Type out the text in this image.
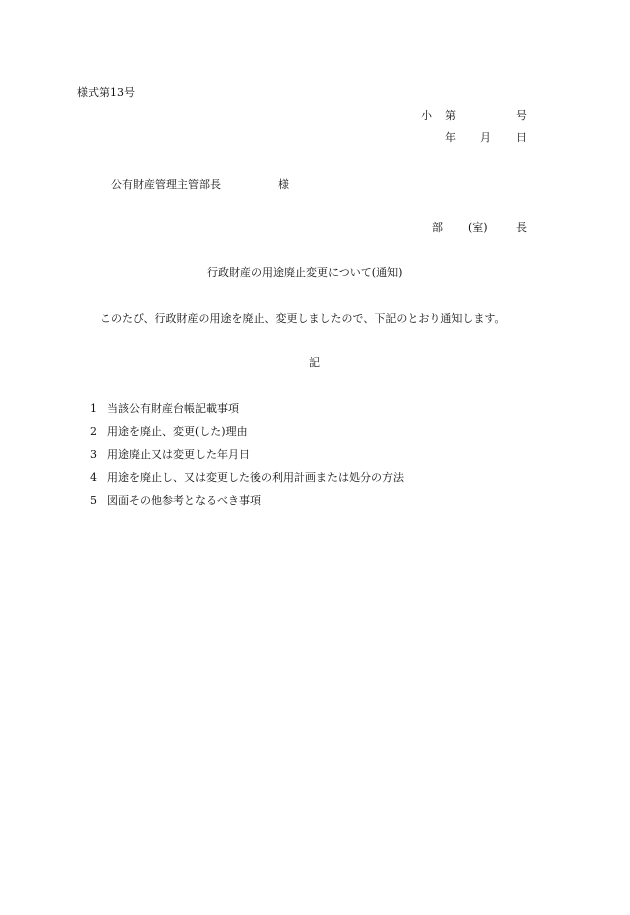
様式第13号
小 第	号
年 月 日
公有財産管理主管部長	様
部 (室)	長
行政財産の用途廃止変更について(通知)
このたび、行政財産の用途を廃止、変更しましたので、下記のとおり通知します。
記
1 当該公有財産台帳記載事項
2 用途を廃止、変更(した)理由
3 用途廃止又は変更した年月日
4 用途を廃止し、又は変更した後の利用計画または処分の方法
5 図面その他参考となるべき事項
